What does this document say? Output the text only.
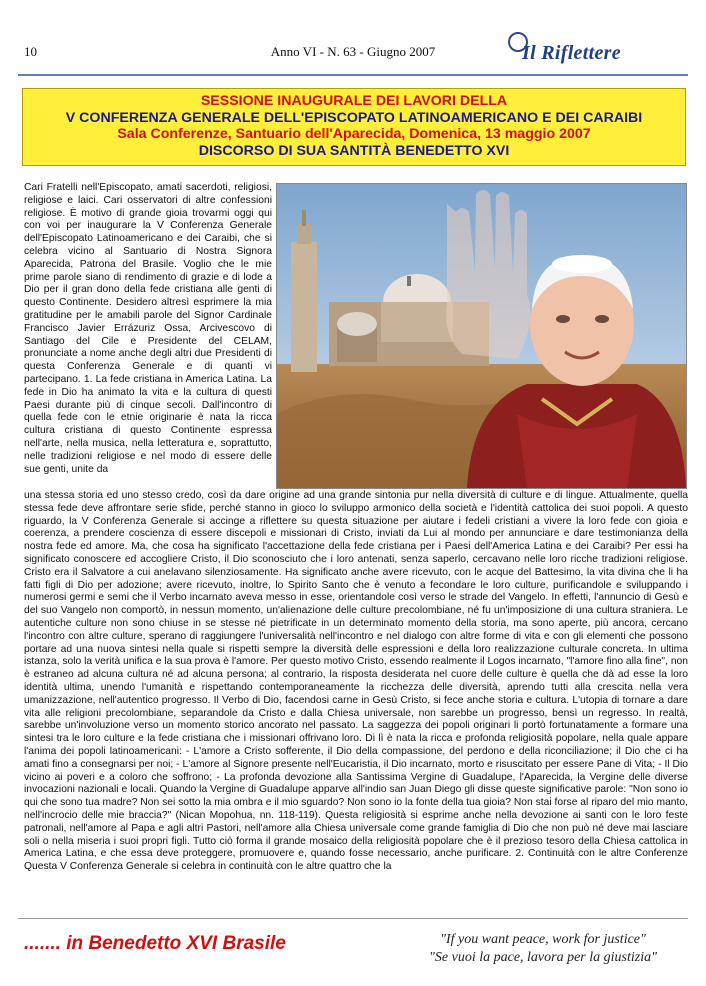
10	Anno VI - N. 63 - Giugno 2007	Il Riflettere
SESSIONE INAUGURALE DEI LAVORI DELLA
V CONFERENZA GENERALE DELL'EPISCOPATO LATINOAMERICANO E DEI CARAIBI
Sala Conferenze, Santuario dell'Aparecida, Domenica, 13 maggio 2007
DISCORSO DI SUA SANTITÀ BENEDETTO XVI
Cari Fratelli nell'Episcopato, amati sacerdoti, religiosi, religiose e laici. Cari osservatori di altre confessioni religiose. È motivo di grande gioia trovarmi oggi qui con voi per inaugurare la V Conferenza Generale dell'Episcopato Latinoamericano e dei Caraibi, che si celebra vicino al Santuario di Nostra Signora Aparecida, Patrona del Brasile. Voglio che le mie prime parole siano di rendimento di grazie e di lode a Dio per il gran dono della fede cristiana alle genti di questo Continente. Desidero altresì esprimere la mia gratitudine per le amabili parole del Signor Cardinale Francisco Javier Errázuriz Ossa, Arcivescovo di Santiago del Cile e Presidente del CELAM, pronunciate a nome anche degli altri due Presidenti di questa Conferenza Generale e di quanti vi partecipano. 1. La fede cristiana in America Latina. La fede in Dio ha animato la vita e la cultura di questi Paesi durante più di cinque secoli. Dall'incontro di quella fede con le etnie originarie è nata la ricca cultura cristiana di questo Continente espressa nell'arte, nella musica, nella letteratura e, soprattutto, nelle tradizioni religiose e nel modo di essere delle sue genti, unite da
una stessa storia ed uno stesso credo, così da dare origine ad una grande sintonia pur nella diversità di culture e di lingue. Attualmente, quella stessa fede deve affrontare serie sfide, perché stanno in gioco lo sviluppo armonico della società e l'identità cattolica dei suoi popoli. A questo riguardo, la V Conferenza Generale si accinge a riflettere su questa situazione per aiutare i fedeli cristiani a vivere la loro fede con gioia e coerenza, a prendere coscienza di essere discepoli e missionari di Cristo, inviati da Lui al mondo per annunciare e dare testimonianza della nostra fede ed amore. Ma, che cosa ha significato l'accettazione della fede cristiana per i Paesi dell'America Latina e dei Caraibi? Per essi ha significato conoscere ed accogliere Cristo, il Dio sconosciuto che i loro antenati, senza saperlo, cercavano nelle loro ricche tradizioni religiose. Cristo era il Salvatore a cui anelavano silenziosamente. Ha significato anche avere ricevuto, con le acque del Battesimo, la vita divina che li ha fatti figli di Dio per adozione; avere ricevuto, inoltre, lo Spirito Santo che è venuto a fecondare le loro culture, purificandole e sviluppando i numerosi germi e semi che il Verbo incarnato aveva messo in esse, orientandole così verso le strade del Vangelo. In effetti, l'annuncio di Gesù e del suo Vangelo non comportò, in nessun momento, un'alienazione delle culture precolombiane, né fu un'imposizione di una cultura straniera. Le autentiche culture non sono chiuse in se stesse né pietrificate in un determinato momento della storia, ma sono aperte, più ancora, cercano l'incontro con altre culture, sperano di raggiungere l'universalità nell'incontro e nel dialogo con altre forme di vita e con gli elementi che possono portare ad una nuova sintesi nella quale si rispetti sempre la diversità delle espressioni e della loro realizzazione culturale concreta. In ultima istanza, solo la verità unifica e la sua prova è l'amore. Per questo motivo Cristo, essendo realmente il Logos incarnato, "l'amore fino alla fine", non è estraneo ad alcuna cultura né ad alcuna persona; al contrario, la risposta desiderata nel cuore delle culture è quella che dà ad esse la loro identità ultima, unendo l'umanità e rispettando contemporaneamente la ricchezza delle diversità, aprendo tutti alla crescita nella vera umanizzazione, nell'autentico progresso. Il Verbo di Dio, facendosi carne in Gesù Cristo, si fece anche storia e cultura. L'utopia di tornare a dare vita alle religioni precolombiane, separandole da Cristo e dalla Chiesa universale, non sarebbe un progresso, bensì un regresso. In realtà, sarebbe un'involuzione verso un momento storico ancorato nel passato. La saggezza dei popoli originari li portò fortunatamente a formare una sintesi tra le loro culture e la fede cristiana che i missionari offrivano loro. Di lì è nata la ricca e profonda religiosità popolare, nella quale appare l'anima dei popoli latinoamericani: - L'amore a Cristo sofferente, il Dio della compassione, del perdono e della riconciliazione; il Dio che ci ha amati fino a consegnarsi per noi; - L'amore al Signore presente nell'Eucaristia, il Dio incarnato, morto e risuscitato per essere Pane di Vita; - Il Dio vicino ai poveri e a coloro che soffrono; - La profonda devozione alla Santissima Vergine di Guadalupe, l'Aparecida, la Vergine delle diverse invocazioni nazionali e locali. Quando la Vergine di Guadalupe apparve all'indio san Juan Diego gli disse queste significative parole: "Non sono io qui che sono tua madre? Non sei sotto la mia ombra e il mio sguardo? Non sono io la fonte della tua gioia? Non stai forse al riparo del mio manto, nell'incrocio delle mie braccia?" (Nican Mopohua, nn. 118-119). Questa religiosità si esprime anche nella devozione ai santi con le loro feste patronali, nell'amore al Papa e agli altri Pastori, nell'amore alla Chiesa universale come grande famiglia di Dio che non può né deve mai lasciare soli o nella miseria i suoi propri figli. Tutto ciò forma il grande mosaico della religiosità popolare che è il prezioso tesoro della Chiesa cattolica in America Latina, e che essa deve proteggere, promuovere e, quando fosse necessario, anche purificare. 2. Continuità con le altre Conferenze Questa V Conferenza Generale si celebra in continuità con le altre quattro che la
....... in Benedetto XVI Brasile	"If you want peace, work for justice"
"Se vuoi la pace, lavora per la giustizia"
